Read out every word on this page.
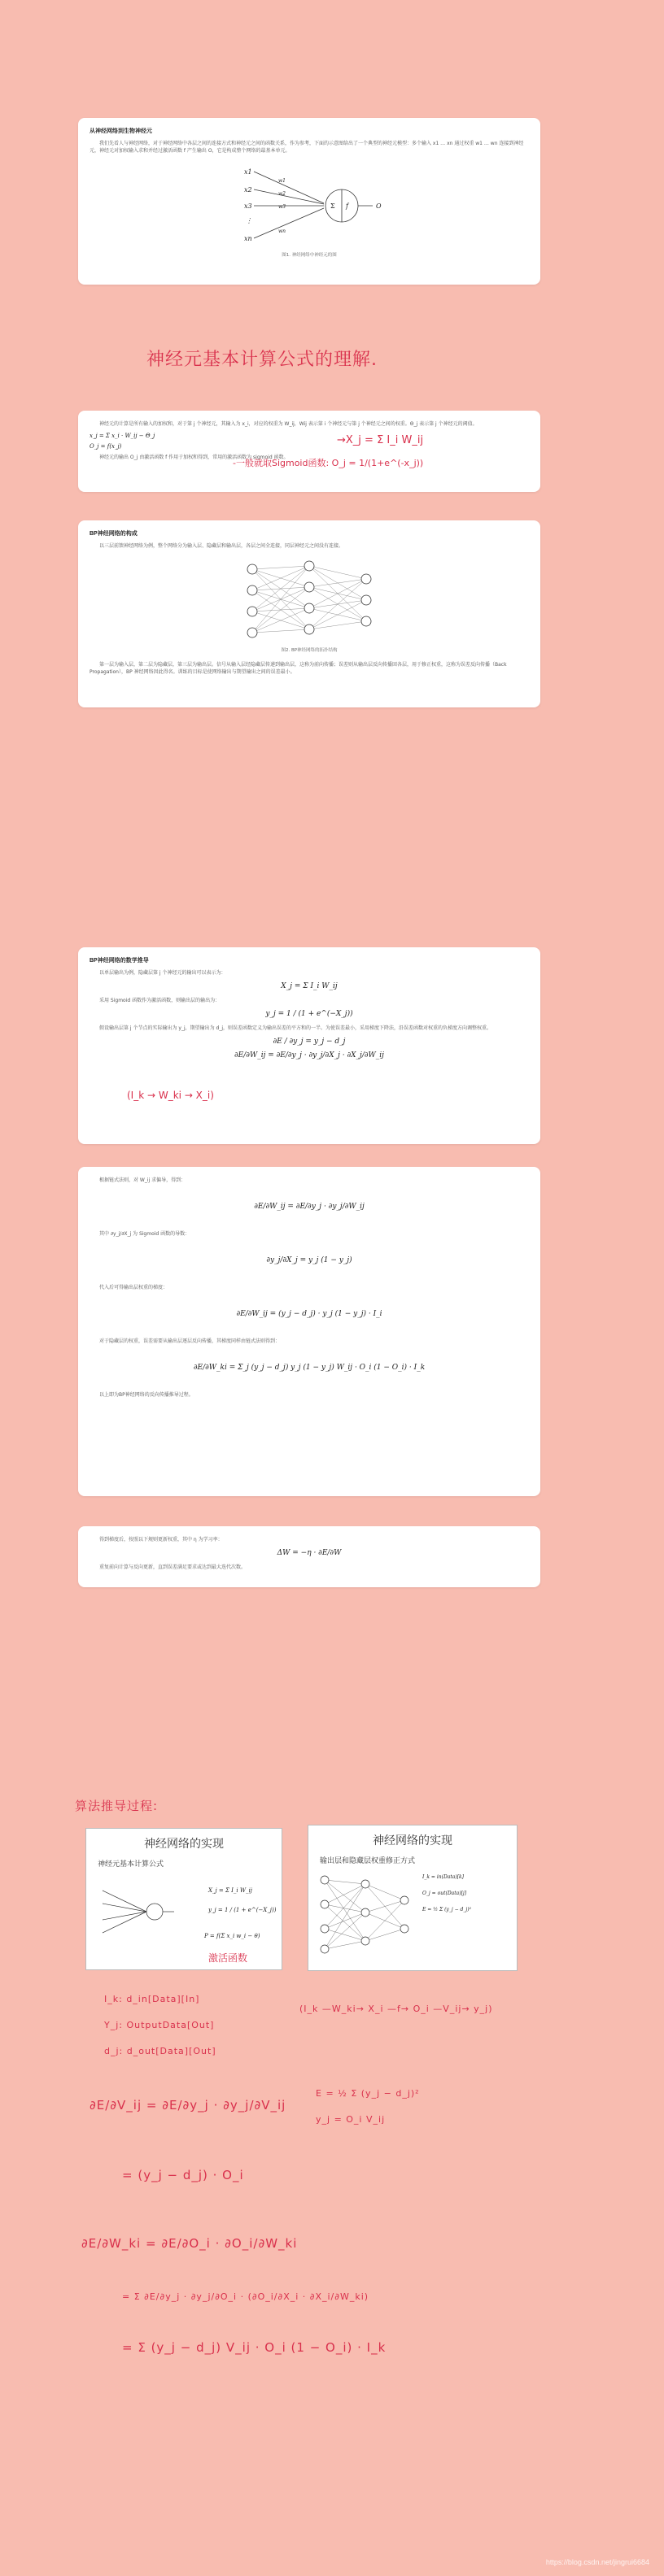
从神经网络到生物神经元

我们先看人与神经网络，对于神经网络中各层之间的连接方式和神经元之间的函数关系，作为参考，下面的示意图给出了一个典型的神经元模型：多个输入 x1 … xn 通过权重 w1 … wn 连接到神经元，神经元对加权输入求和并经过激活函数 f 产生输出 O，它是构成整个网络的最基本单元。

x1
x2
x3
⋮
xn
w1
w2
w3
wn
O
Σ f

图1. 神经网络中神经元的图

神经元基本计算公式的理解.

神经元的计算是所有输入的加权和，对于第 j 个神经元，其输入为 x_i，对应的权重为 W_ij，Wij 表示第 i 个神经元与第 j 个神经元之间的权重。Θ_j 表示第 j 个神经元的阈值。

x_j = Σ x_i · W_ij − Θ_j
O_j = f(x_j)

神经元的输出 O_j 由激活函数 f 作用于加权和得到，常用的激活函数为 sigmoid 函数。

→X_j = Σ I_i W_ij
-一般就取Sigmoid函数: O_j = 1/(1+e^(-x_j))
BP神经网络的构成

以三层前馈神经网络为例，整个网络分为输入层、隐藏层和输出层，各层之间全连接，同层神经元之间没有连接。

图2. BP神经网络的拓扑结构

第一层为输入层，第二层为隐藏层，第三层为输出层。信号从输入层经隐藏层传递到输出层，这称为前向传播；误差则从输出层反向传播回各层，用于修正权重，这称为误差反向传播（Back Propagation），BP 神经网络因此得名。训练的目标是使网络输出与期望输出之间的误差最小。

BP神经网络的数学推导

以单层输出为例，隐藏层第 j 个神经元的输出可以表示为：

X_j = Σ I_i W_ij

采用 Sigmoid 函数作为激活函数，则输出层的输出为：

y_j = 1 / (1 + e^(−X_j))

假设输出层第 j 个节点的实际输出为 y_j，期望输出为 d_j，则误差函数定义为输出误差的平方和的一半。为使误差最小，采用梯度下降法，沿误差函数对权重的负梯度方向调整权重。

∂E / ∂y_j = y_j − d_j
∂E/∂W_ij = ∂E/∂y_j · ∂y_j/∂X_j · ∂X_j/∂W_ij
(I_k → W_ki → X_i)

根据链式法则，对 W_ij 求偏导，得到：

∂E/∂W_ij = ∂E/∂y_j · ∂y_j/∂W_ij

其中 ∂y_j/∂X_j 为 Sigmoid 函数的导数：

∂y_j/∂X_j = y_j (1 − y_j)

代入后可得输出层权重的梯度：

∂E/∂W_ij = (y_j − d_j) · y_j (1 − y_j) · I_i

对于隐藏层的权重，误差需要从输出层逐层反向传播，其梯度同样由链式法则得到：

∂E/∂W_ki = Σ_j (y_j − d_j) y_j (1 − y_j) W_ij · O_i (1 − O_i) · I_k

以上即为BP神经网络的反向传播推导过程。

得到梯度后，按照以下规则更新权重，其中 η 为学习率：

ΔW = −η · ∂E/∂W

重复前向计算与反向更新，直到误差满足要求或达到最大迭代次数。

算法推导过程:
神经网络的实现
神经元基本计算公式
X_j = Σ I_i W_ij
y_j = 1 / (1 + e^(−X_j))
P = f(Σ x_i w_i − θ)
激活函数
神经网络的实现
输出层和隐藏层权重修正方式
I_k = in(Data)[k]
O_j = out(Data)[j]
E = ½ Σ (y_j − d_j)²
I_k: d_in[Data][In]
Y_j: OutputData[Out]
d_j: d_out[Data][Out]
(I_k —W_ki→ X_i —f→ O_i —V_ij→ y_j)
E = ½ Σ (y_j − d_j)²
y_j = O_i V_ij
∂E/∂V_ij = ∂E/∂y_j · ∂y_j/∂V_ij
= (y_j − d_j) · O_i
∂E/∂W_ki = ∂E/∂O_i · ∂O_i/∂W_ki
= Σ ∂E/∂y_j · ∂y_j/∂O_i · (∂O_i/∂X_i · ∂X_i/∂W_ki)
= Σ (y_j − d_j) V_ij · O_i (1 − O_i) · I_k
https://blog.csdn.net/jingrui6684
